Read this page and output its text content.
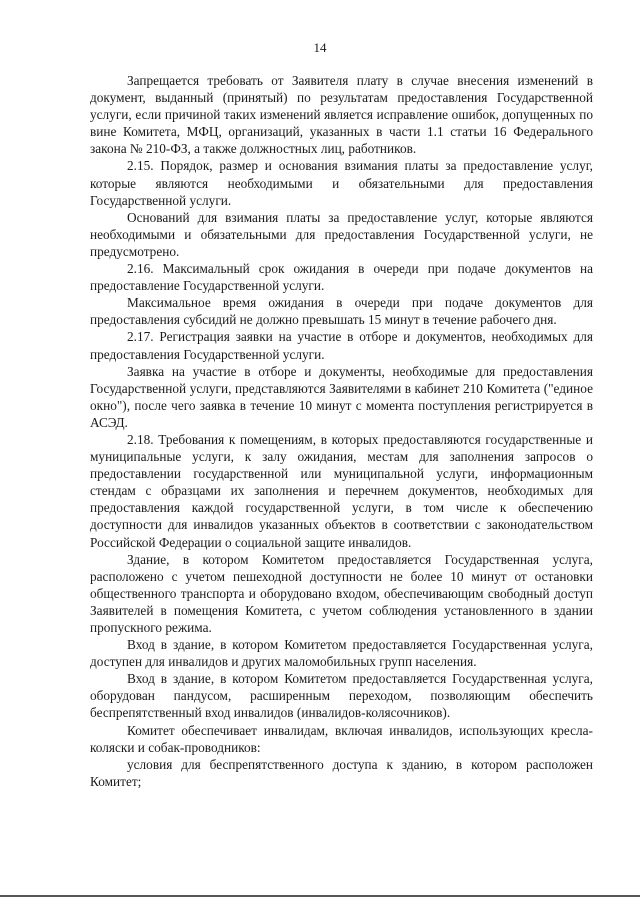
14

Запрещается требовать от Заявителя плату в случае внесения изменений в документ, выданный (принятый) по результатам предоставления Государственной услуги, если причиной таких изменений является исправление ошибок, допущенных по вине Комитета, МФЦ, организаций, указанных в части 1.1 статьи 16 Федерального закона № 210-ФЗ, а также должностных лиц, работников.

2.15. Порядок, размер и основания взимания платы за предоставление услуг, которые являются необходимыми и обязательными для предоставления Государственной услуги.

Оснований для взимания платы за предоставление услуг, которые являются необходимыми и обязательными для предоставления Государственной услуги, не предусмотрено.

2.16. Максимальный срок ожидания в очереди при подаче документов на предоставление Государственной услуги.

Максимальное время ожидания в очереди при подаче документов для предоставления субсидий не должно превышать 15 минут в течение рабочего дня.

2.17. Регистрация заявки на участие в отборе и документов, необходимых для предоставления Государственной услуги.

Заявка на участие в отборе и документы, необходимые для предоставления Государственной услуги, представляются Заявителями в кабинет 210 Комитета ("единое окно"), после чего заявка в течение 10 минут с момента поступления регистрируется в АСЭД.

2.18. Требования к помещениям, в которых предоставляются государственные и муниципальные услуги, к залу ожидания, местам для заполнения запросов о предоставлении государственной или муниципальной услуги, информационным стендам с образцами их заполнения и перечнем документов, необходимых для предоставления каждой государственной услуги, в том числе к обеспечению доступности для инвалидов указанных объектов в соответствии с законодательством Российской Федерации о социальной защите инвалидов.

Здание, в котором Комитетом предоставляется Государственная услуга, расположено с учетом пешеходной доступности не более 10 минут от остановки общественного транспорта и оборудовано входом, обеспечивающим свободный доступ Заявителей в помещения Комитета, с учетом соблюдения установленного в здании пропускного режима.

Вход в здание, в котором Комитетом предоставляется Государственная услуга, доступен для инвалидов и других маломобильных групп населения.

Вход в здание, в котором Комитетом предоставляется Государственная услуга, оборудован пандусом, расширенным переходом, позволяющим обеспечить беспрепятственный вход инвалидов (инвалидов-колясочников).

Комитет обеспечивает инвалидам, включая инвалидов, использующих кресла-коляски и собак-проводников:

условия для беспрепятственного доступа к зданию, в котором расположен Комитет;
